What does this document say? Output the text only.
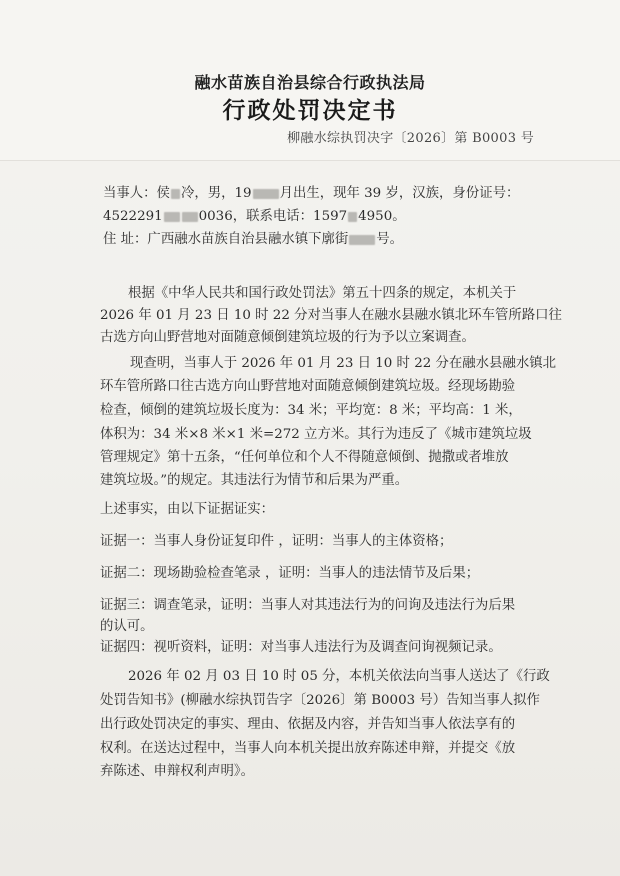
融水苗族自治县综合行政执法局
行政处罚决定书
柳融水综执罚决字〔2026〕第 B0003 号
当事人：侯 冷，男，19 月出生，现年 39 岁，汉族，身份证号：
4522291	0036，联系电话：1597 4950。
住 址：广西融水苗族自治县融水镇下廓街 号。
根据《中华人民共和国行政处罚法》第五十四条的规定，本机关于
2026 年 01 月 23 日 10 时 22 分对当事人在融水县融水镇北环车管所路口往
古选方向山野营地对面随意倾倒建筑垃圾的行为予以立案调查。
现查明，当事人于 2026 年 01 月 23 日 10 时 22 分在融水县融水镇北
环车管所路口往古选方向山野营地对面随意倾倒建筑垃圾。经现场勘验
检查，倾倒的建筑垃圾长度为：34 米；平均宽：8 米；平均高：1 米，
体积为：34 米×8 米×1 米=272 立方米。其行为违反了《城市建筑垃圾
管理规定》第十五条，“任何单位和个人不得随意倾倒、抛撒或者堆放
建筑垃圾。”的规定。其违法行为情节和后果为严重。
上述事实，由以下证据证实：
证据一：当事人身份证复印件 ，证明：当事人的主体资格；
证据二：现场勘验检查笔录 ，证明：当事人的违法情节及后果；
证据三：调查笔录，证明：当事人对其违法行为的问询及违法行为后果
的认可。
证据四：视听资料，证明：对当事人违法行为及调查问询视频记录。
2026 年 02 月 03 日 10 时 05 分，本机关依法向当事人送达了《行政
处罚告知书》(柳融水综执罚告字〔2026〕第 B0003 号）告知当事人拟作
出行政处罚决定的事实、理由、依据及内容，并告知当事人依法享有的
权利。在送达过程中，当事人向本机关提出放弃陈述申辩，并提交《放
弃陈述、申辩权利声明》。
